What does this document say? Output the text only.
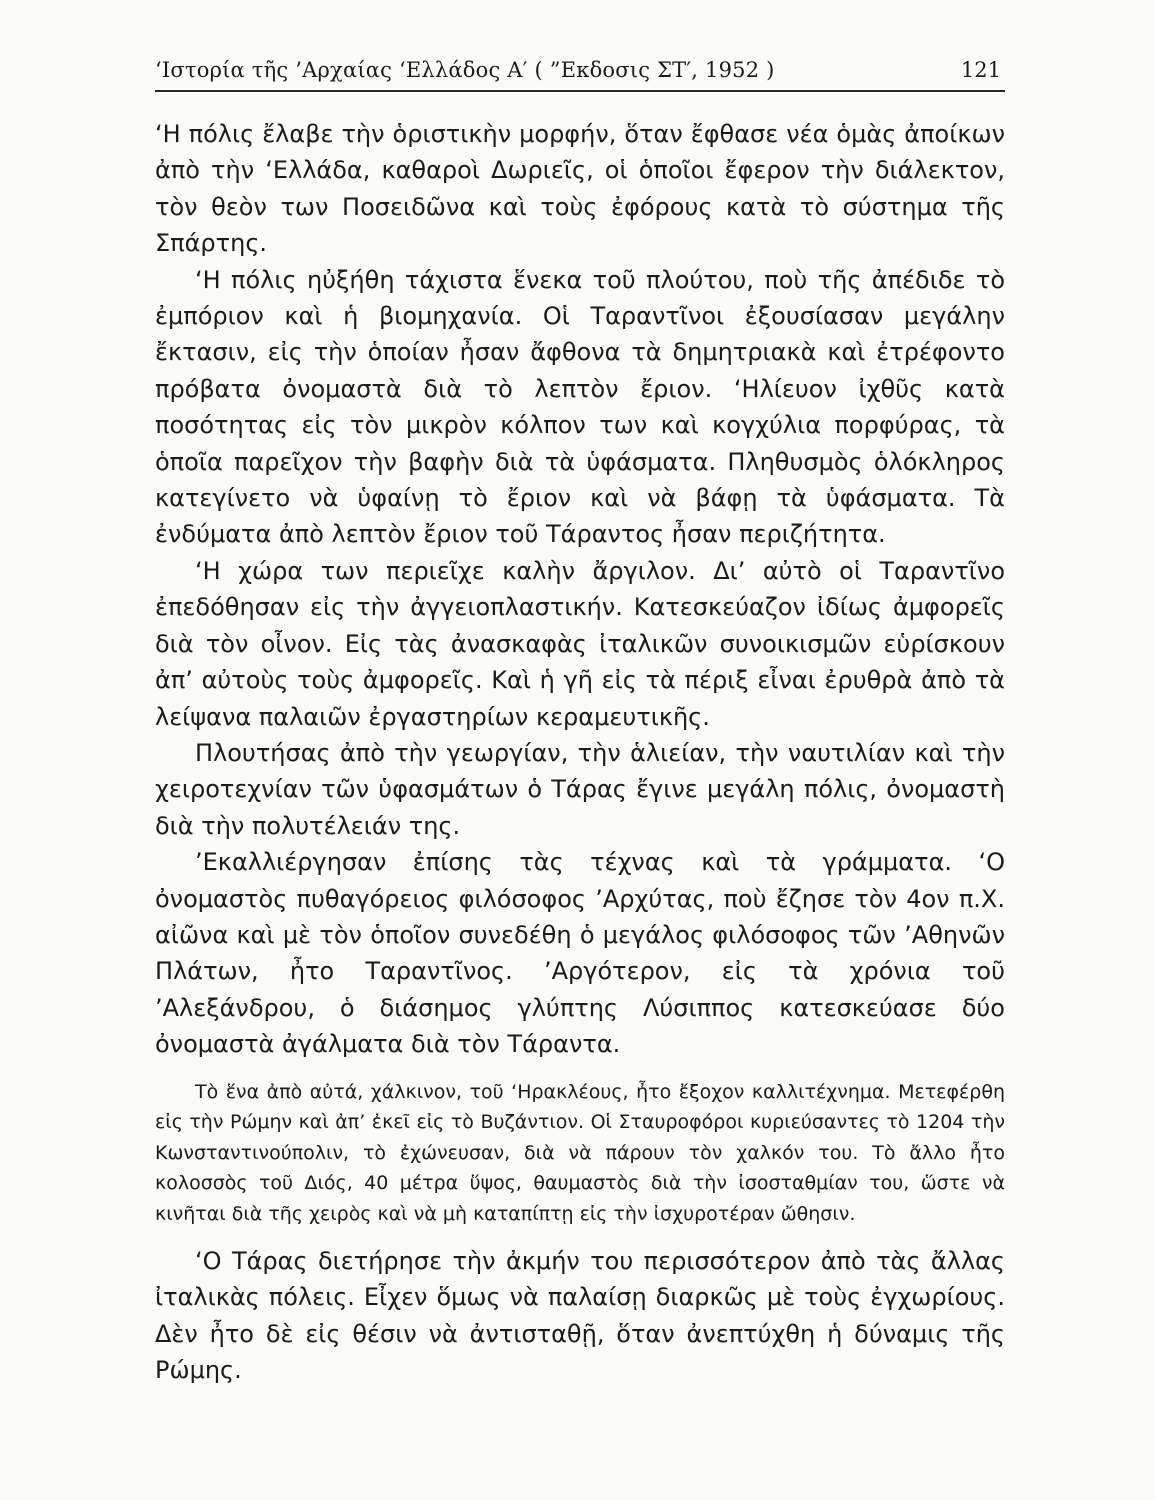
‘Ιστορία τῆς ’Αρχαίας ‘Ελλάδος Α′ ( ”Εκδοσις ΣΤ′, 1952 )	121

‘Η πόλις ἔλαβε τὴν ὁριστικὴν μορφήν, ὅταν ἔφθασε νέα ὁμὰς ἀποίκων ἀπὸ τὴν ‘Ελλάδα, καθαροὶ Δωριεῖς, οἱ ὁποῖοι ἔφερον τὴν διάλεκτον, τὸν θεὸν των Ποσειδῶνα καὶ τοὺς ἐφόρους κατὰ τὸ σύστημα τῆς Σπάρτης.

‘Η πόλις ηὐξήθη τάχιστα ἕνεκα τοῦ πλούτου, ποὺ τῆς ἀπέδιδε τὸ ἐμπόριον καὶ ἡ βιομηχανία. Οἱ Ταραντῖνοι ἐξουσίασαν μεγάλην ἔκτασιν, εἰς τὴν ὁποίαν ἦσαν ἄφθονα τὰ δημητριακὰ καὶ ἐτρέφοντο πρόβατα ὀνομαστὰ διὰ τὸ λεπτὸν ἔριον. ‘Ηλίευον ἰχθῦς κατὰ ποσότητας εἰς τὸν μικρὸν κόλπον των καὶ κογχύλια πορφύρας, τὰ ὁποῖα παρεῖχον τὴν βαφὴν διὰ τὰ ὑφάσματα. Πληθυσμὸς ὁλόκληρος κατεγίνετο νὰ ὑφαίνῃ τὸ ἔριον καὶ νὰ βάφῃ τὰ ὑφάσματα. Τὰ ἐνδύματα ἀπὸ λεπτὸν ἔριον τοῦ Τάραντος ἦσαν περιζήτητα.

‘Η χώρα των περιεῖχε καλὴν ἄργιλον. Δι’ αὐτὸ οἱ Ταραντῖνο ἐπεδόθησαν εἰς τὴν ἀγγειοπλαστικήν. Κατεσκεύαζον ἰδίως ἀμφορεῖς διὰ τὸν οἶνον. Εἰς τὰς ἀνασκαφὰς ἰταλικῶν συνοικισμῶν εὑρίσκουν ἀπ’ αὐτοὺς τοὺς ἀμφορεῖς. Καὶ ἡ γῆ εἰς τὰ πέριξ εἶναι ἐρυθρὰ ἀπὸ τὰ λείψανα παλαιῶν ἐργαστηρίων κεραμευτικῆς.

Πλουτήσας ἀπὸ τὴν γεωργίαν, τὴν ἁλιείαν, τὴν ναυτιλίαν καὶ τὴν χειροτεχνίαν τῶν ὑφασμάτων ὁ Τάρας ἔγινε μεγάλη πόλις, ὀνομαστὴ διὰ τὴν πολυτέλειάν της.

’Εκαλλιέργησαν ἐπίσης τὰς τέχνας καὶ τὰ γράμματα. ‘Ο ὀνομαστὸς πυθαγόρειος φιλόσοφος ’Αρχύτας, ποὺ ἔζησε τὸν 4ον π.Χ. αἰῶνα καὶ μὲ τὸν ὁποῖον συνεδέθη ὁ μεγάλος φιλόσοφος τῶν ’Αθηνῶν Πλάτων, ἦτο Ταραντῖνος. ’Αργότερον, εἰς τὰ χρόνια τοῦ ’Αλεξάνδρου, ὁ διάσημος γλύπτης Λύσιππος κατεσκεύασε δύο ὀνομαστὰ ἀγάλματα διὰ τὸν Τάραντα.

Τὸ ἕνα ἀπὸ αὐτά, χάλκινον, τοῦ ‘Ηρακλέους, ἦτο ἔξοχον καλλιτέχνημα. Μετεφέρθη εἰς τὴν Ρώμην καὶ ἀπ’ ἐκεῖ εἰς τὸ Βυζάντιον. Οἱ Σταυροφόροι κυριεύσαντες τὸ 1204 τὴν Κωνσταντινούπολιν, τὸ ἐχώνευσαν, διὰ νὰ πάρουν τὸν χαλκόν του. Τὸ ἄλλο ἦτο κολοσσὸς τοῦ Διός, 40 μέτρα ὕψος, θαυμαστὸς διὰ τὴν ἰσοσταθμίαν του, ὥστε νὰ κινῆται διὰ τῆς χειρὸς καὶ νὰ μὴ καταπίπτῃ εἰς τὴν ἰσχυροτέραν ὤθησιν.

‘Ο Τάρας διετήρησε τὴν ἀκμήν του περισσότερον ἀπὸ τὰς ἄλλας ἰταλικὰς πόλεις. Εἶχεν ὅμως νὰ παλαίσῃ διαρκῶς μὲ τοὺς ἐγχωρίους. Δὲν ἦτο δὲ εἰς θέσιν νὰ ἀντισταθῇ, ὅταν ἀνεπτύχθη ἡ δύναμις τῆς Ρώμης.
